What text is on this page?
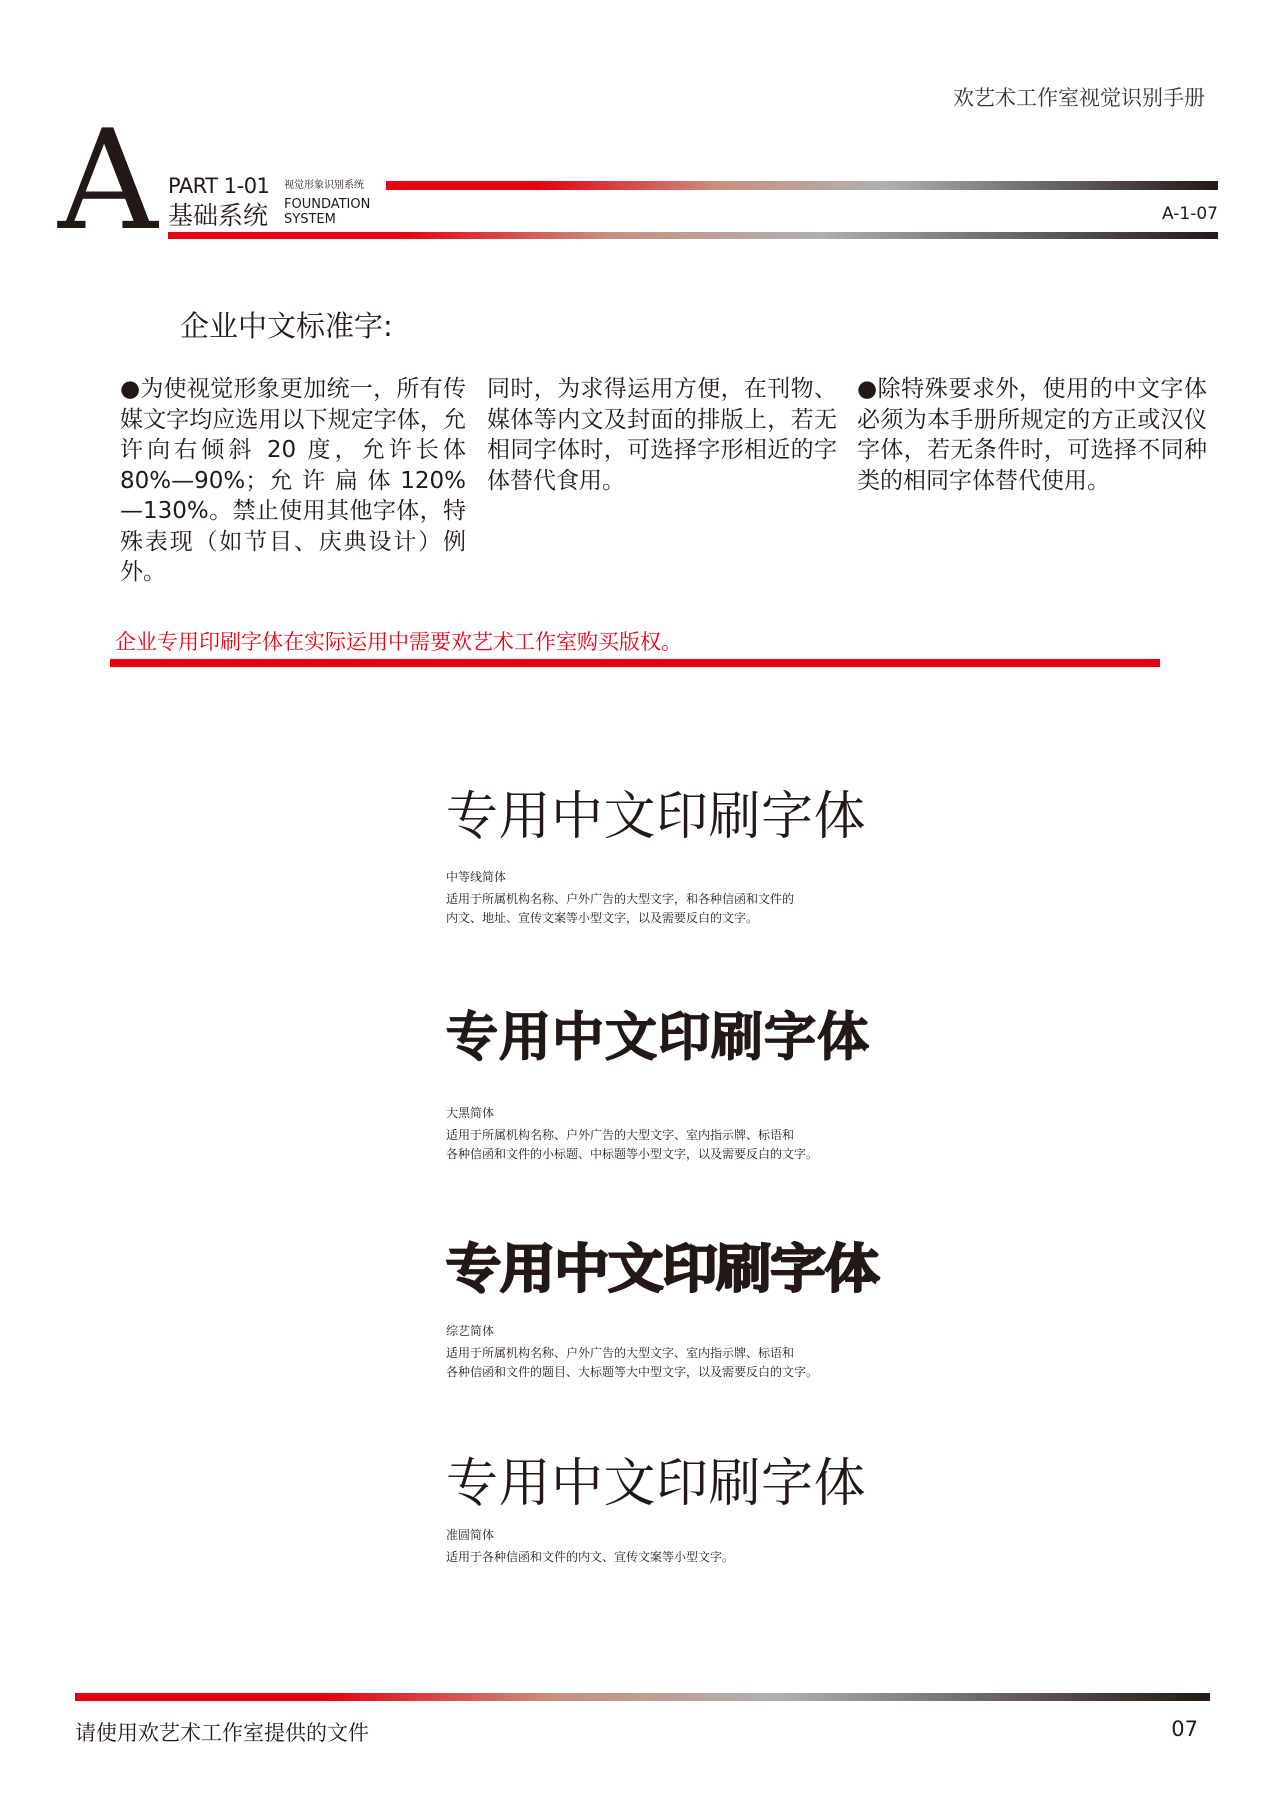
欢艺术工作室视觉识别手册
A PART 1-01 视觉形象识别系统
基础系统 FOUNDATION
SYSTEM	A-1-07
企业中文标准字:
●为使视觉形象更加统一，所有传媒文字均应选用以下规定字体，允许向右倾斜 20 度，允许长体 80%—90%；允 许 扁 体 120%—130%。禁止使用其他字体，特殊表现（如节目、庆典设计）例外。
同时，为求得运用方便，在刊物、媒体等内文及封面的排版上，若无相同字体时，可选择字形相近的字体替代食用。
●除特殊要求外，使用的中文字体必须为本手册所规定的方正或汉仪字体，若无条件时，可选择不同种类的相同字体替代使用。
企业专用印刷字体在实际运用中需要欢艺术工作室购买版权。
专用中文印刷字体
中等线简体
适用于所属机构名称、户外广告的大型文字，和各种信函和文件的
内文、地址、宣传文案等小型文字，以及需要反白的文字。
专用中文印刷字体
大黑简体
适用于所属机构名称、户外广告的大型文字、室内指示牌、标语和
各种信函和文件的小标题、中标题等小型文字，以及需要反白的文字。
专用中文印刷字体
综艺简体
适用于所属机构名称、户外广告的大型文字、室内指示牌、标语和
各种信函和文件的题目、大标题等大中型文字，以及需要反白的文字。
专用中文印刷字体
准圆简体
适用于各种信函和文件的内文、宣传文案等小型文字。
请使用欢艺术工作室提供的文件	07
